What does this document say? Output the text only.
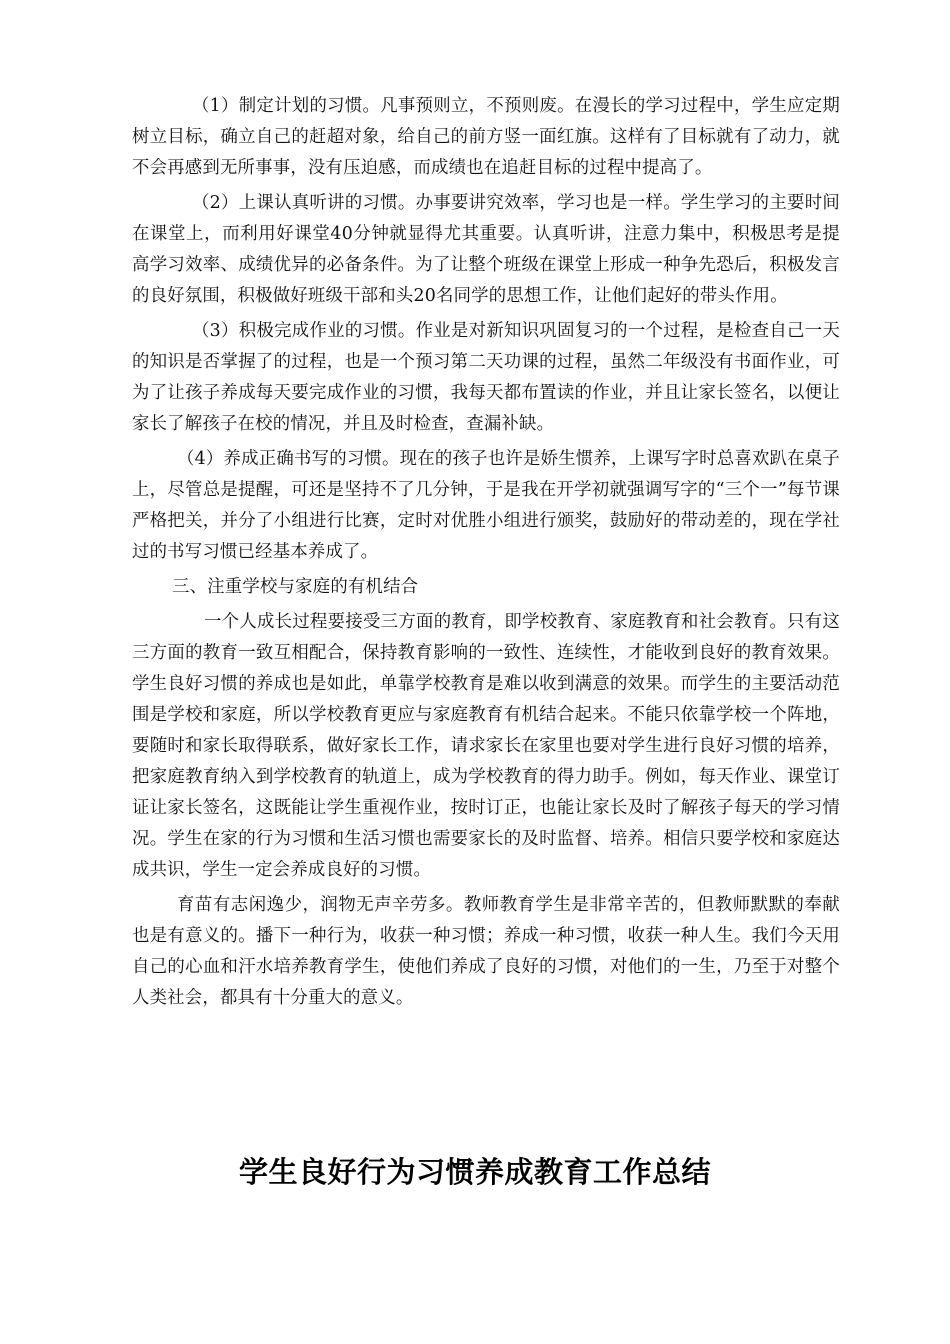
（1）制定计划的习惯。凡事预则立，不预则废。在漫长的学习过程中，学生应定期树立目标，确立自己的赶超对象，给自己的前方竖一面红旗。这样有了目标就有了动力，就不会再感到无所事事，没有压迫感，而成绩也在追赶目标的过程中提高了。

（2）上课认真听讲的习惯。办事要讲究效率，学习也是一样。学生学习的主要时间在课堂上，而利用好课堂40分钟就显得尤其重要。认真听讲，注意力集中，积极思考是提高学习效率、成绩优异的必备条件。为了让整个班级在课堂上形成一种争先恐后，积极发言的良好氛围，积极做好班级干部和头20名同学的思想工作，让他们起好的带头作用。

（3）积极完成作业的习惯。作业是对新知识巩固复习的一个过程，是检查自己一天的知识是否掌握了的过程，也是一个预习第二天功课的过程，虽然二年级没有书面作业，可为了让孩子养成每天要完成作业的习惯，我每天都布置读的作业，并且让家长签名，以便让家长了解孩子在校的情况，并且及时检查，查漏补缺。

（4）养成正确书写的习惯。现在的孩子也许是娇生惯养，上课写字时总喜欢趴在桌子上，尽管总是提醒，可还是坚持不了几分钟，于是我在开学初就强调写字的“三个一”每节课严格把关，并分了小组进行比赛，定时对优胜小组进行颁奖，鼓励好的带动差的，现在学社过的书写习惯已经基本养成了。

三、注重学校与家庭的有机结合

一个人成长过程要接受三方面的教育，即学校教育、家庭教育和社会教育。只有这三方面的教育一致互相配合，保持教育影响的一致性、连续性，才能收到良好的教育效果。学生良好习惯的养成也是如此，单靠学校教育是难以收到满意的效果。而学生的主要活动范围是学校和家庭，所以学校教育更应与家庭教育有机结合起来。不能只依靠学校一个阵地，要随时和家长取得联系，做好家长工作，请求家长在家里也要对学生进行良好习惯的培养，把家庭教育纳入到学校教育的轨道上，成为学校教育的得力助手。例如，每天作业、课堂订证让家长签名，这既能让学生重视作业，按时订正，也能让家长及时了解孩子每天的学习情况。学生在家的行为习惯和生活习惯也需要家长的及时监督、培养。相信只要学校和家庭达成共识，学生一定会养成良好的习惯。

育苗有志闲逸少，润物无声辛劳多。教师教育学生是非常辛苦的，但教师默默的奉献也是有意义的。播下一种行为，收获一种习惯；养成一种习惯，收获一种人生。我们今天用自己的心血和汗水培养教育学生，使他们养成了良好的习惯，对他们的一生，乃至于对整个人类社会，都具有十分重大的意义。

学生良好行为习惯养成教育工作总结
